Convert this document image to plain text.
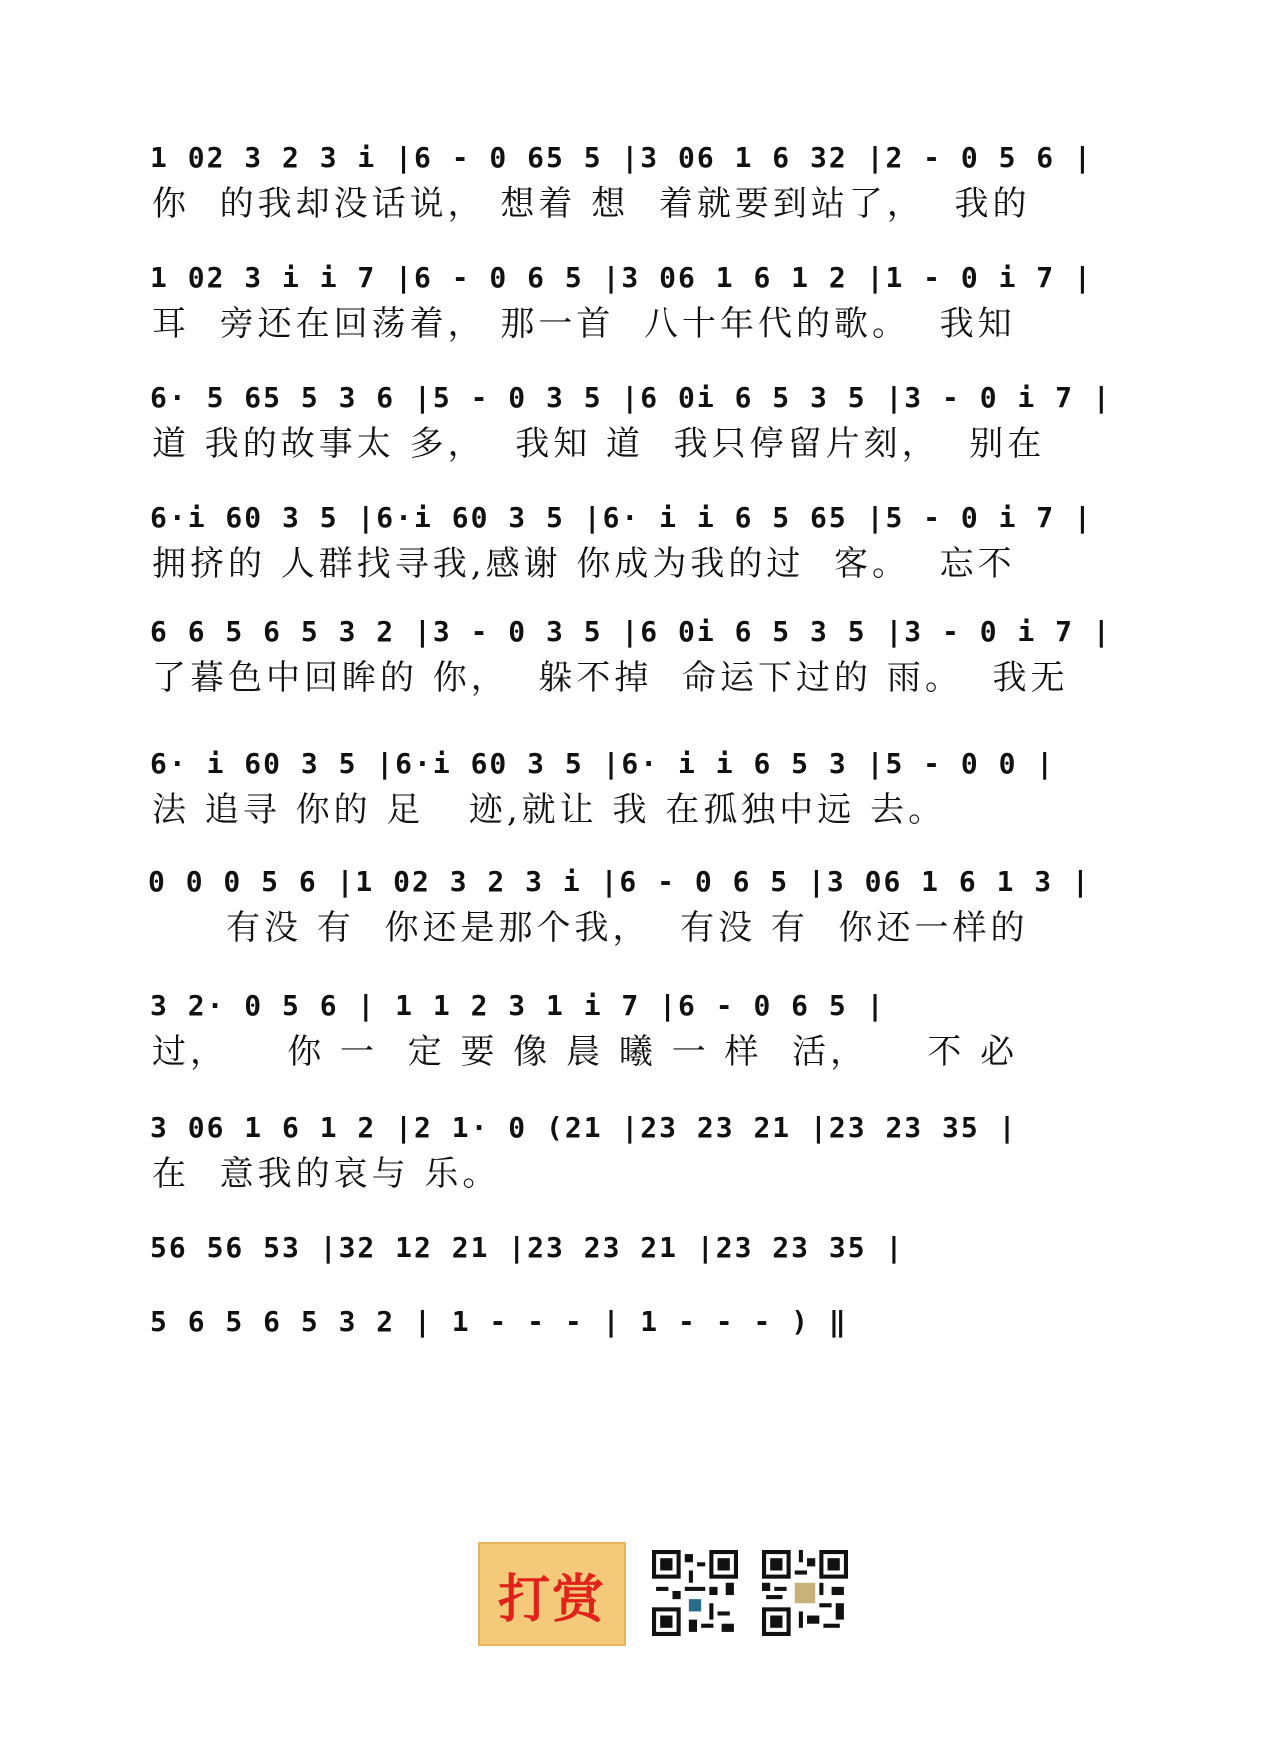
1 02 3 2 3 i |6 - 0 65 5 |3 06 1 6 32 |2 - 0 5 6 |
你  的我却没话说， 想着 想  着就要到站了，  我的
1 02 3 i i 7 |6 - 0 6 5 |3 06 1 6 1 2 |1 - 0 i 7 |
耳  旁还在回荡着， 那一首  八十年代的歌。  我知
6· 5 65 5 3 6 |5 - 0 3 5 |6 0i 6 5 3 5 |3 - 0 i 7 |
道 我的故事太 多，  我知 道  我只停留片刻，  别在
6·i 60 3 5 |6·i 60 3 5 |6· i i 6 5 65 |5 - 0 i 7 |
拥挤的 人群找寻我,感谢 你成为我的过  客。  忘不
6 6 5 6 5 3 2 |3 - 0 3 5 |6 0i 6 5 3 5 |3 - 0 i 7 |
了暮色中回眸的 你，  躲不掉  命运下过的 雨。  我无
6· i 60 3 5 |6·i 60 3 5 |6· i i 6 5 3 |5 - 0 0 |
法 追寻 你的 足   迹,就让 我 在孤独中远 去。
0 0 0 5 6 |1 02 3 2 3 i |6 - 0 6 5 |3 06 1 6 1 3 |
有没 有  你还是那个我，  有没 有  你还一样的
3 2· 0 5 6 | 1 1 2 3 1 i 7 |6 - 0 6 5 |
过，    你 一  定 要 像 晨 曦 一 样  活，    不 必
3 06 1 6 1 2 |2 1· 0 (21 |23 23 21 |23 23 35 |
在  意我的哀与 乐。
56 56 53 |32 12 21 |23 23 21 |23 23 35 |
5 6 5 6 5 3 2 | 1 - - - | 1 - - - ) ‖
打赏
